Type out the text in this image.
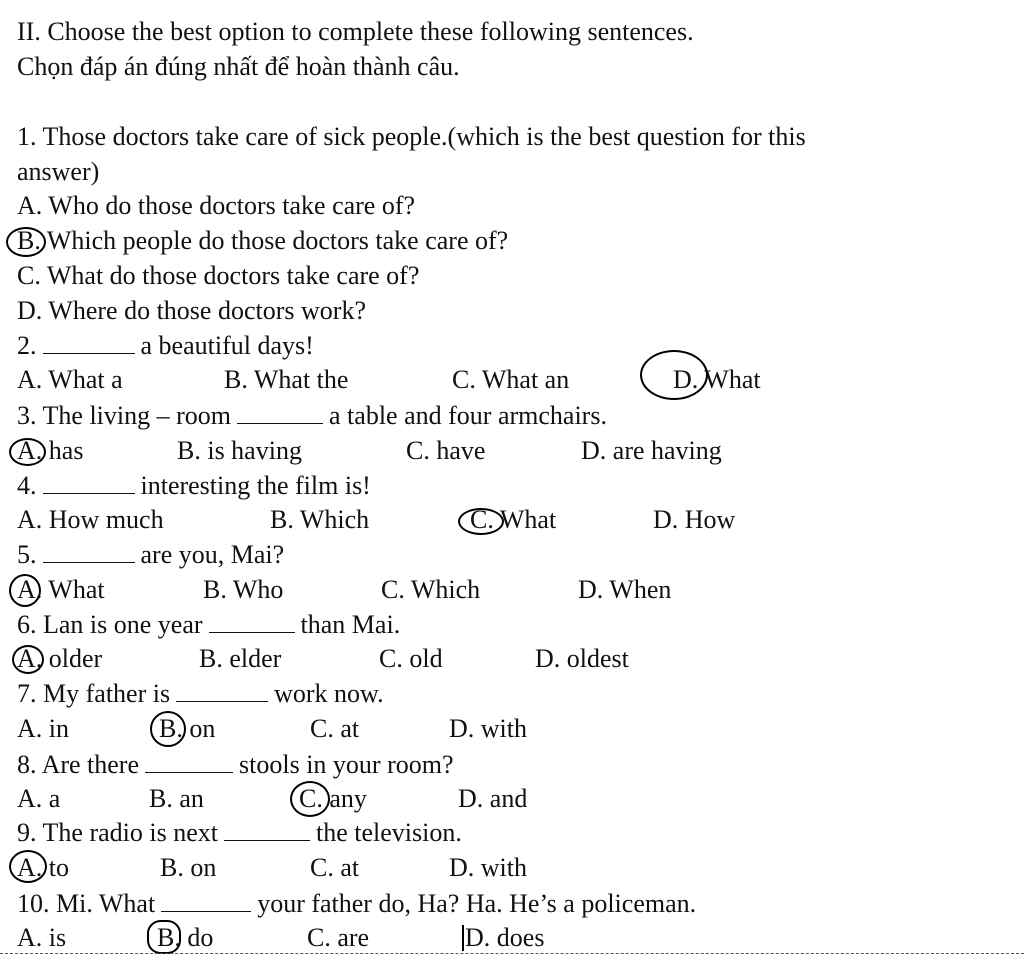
II. Choose the best option to complete these following sentences.
Chọn đáp án đúng nhất để hoàn thành câu.
1. Those doctors take care of sick people.(which is the best question for this
answer)
A. Who do those doctors take care of?
B. Which people do those doctors take care of?
C. What do those doctors take care of?
D. Where do those doctors work?
2.	a beautiful days!
A. What a	B. What the	C. What an	D. What
3. The living – room	a table and four armchairs.
A. has	B. is having	C. have	D. are having
4.	interesting the film is!
A. How much	B. Which	C. What	D. How
5.	are you, Mai?
A. What	B. Who	C. Which	D. When
6. Lan is one year	than Mai.
A. older	B. elder	C. old	D. oldest
7. My father is	work now.
A. in	B. on	C. at	D. with
8. Are there	stools in your room?
A. a	B. an	C. any	D. and
9. The radio is next	the television.
A. to	B. on	C. at	D. with
10. Mi. What	your father do, Ha? Ha. He’s a policeman.
A. is	B. do	C. are	D. does
